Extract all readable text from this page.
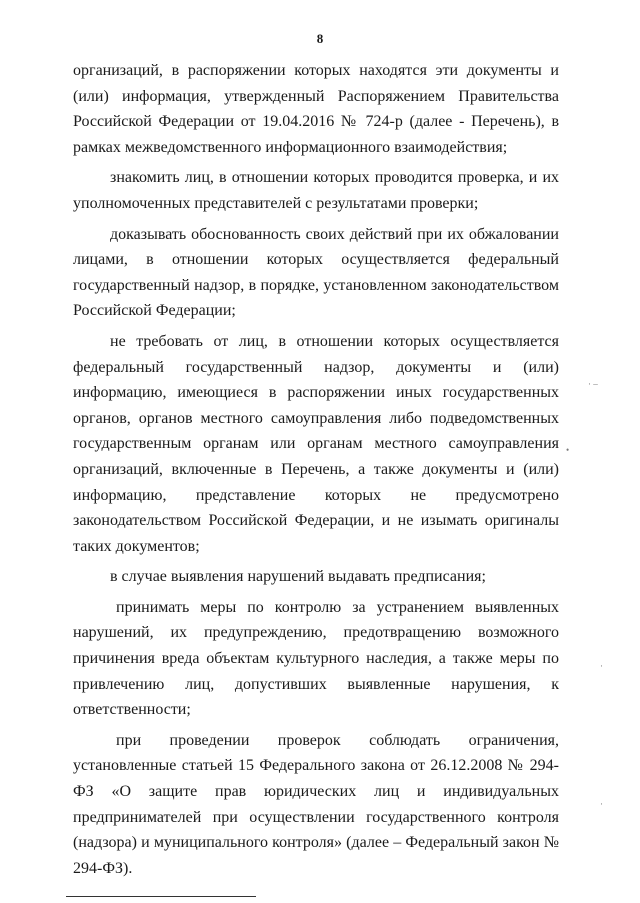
8

организаций, в распоряжении которых находятся эти документы и (или) информация, утвержденный Распоряжением Правительства Российской Федерации от 19.04.2016 № 724-р (далее - Перечень), в рамках межведомственного информационного взаимодействия;

знакомить лиц, в отношении которых проводится проверка, и их уполномоченных представителей с результатами проверки;

доказывать обоснованность своих действий при их обжаловании лицами, в отношении которых осуществляется федеральный государственный надзор, в порядке, установленном законодательством Российской Федерации;

не требовать от лиц, в отношении которых осуществляется федеральный государственный надзор, документы и (или) информацию, имеющиеся в распоряжении иных государственных органов, органов местного самоуправления либо подведомственных государственным органам или органам местного самоуправления организаций, включенные в Перечень, а также документы и (или) информацию, представление которых не предусмотрено законодательством Российской Федерации, и не изымать оригиналы таких документов;

в случае выявления нарушений выдавать предписания;

принимать меры по контролю за устранением выявленных нарушений, их предупреждению, предотвращению возможного причинения вреда объектам культурного наследия, а также меры по привлечению лиц, допустивших выявленные нарушения, к ответственности;

при проведении проверок соблюдать ограничения, установленные статьей 15 Федерального закона от 26.12.2008 № 294-ФЗ «О защите прав юридических лиц и индивидуальных предпринимателей при осуществлении государственного контроля (надзора) и муниципального контроля» (далее – Федеральный закон № 294-ФЗ).

· –
•
·
·
